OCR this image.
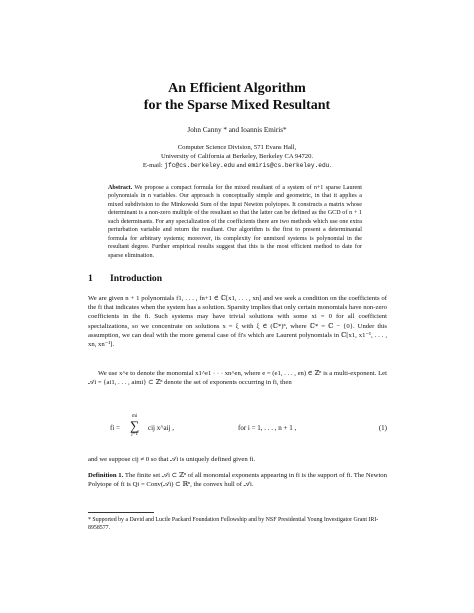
An Efficient Algorithm

for the Sparse Mixed Resultant

John Canny * and Ioannis Emiris*
Computer Science Division, 571 Evans Hall,
University of California at Berkeley, Berkeley CA 94720.
E-mail: jfc@cs.berkeley.edu and emiris@cs.berkeley.edu.
Abstract. We propose a compact formula for the mixed resultant of a system of n+1 sparse Laurent polynomials in n variables. Our approach is conceptually simple and geometric, in that it applies a mixed subdivision to the Minkowski Sum of the input Newton polytopes. It constructs a matrix whose determinant is a non-zero multiple of the resultant so that the latter can be defined as the GCD of n + 1 such determinants. For any specialization of the coefficients there are two methods which use one extra perturbation variable and return the resultant. Our algorithm is the first to present a determinantal formula for arbitrary systems; moreover, its complexity for unmixed systems is polynomial in the resultant degree. Further empirical results suggest that this is the most efficient method to date for sparse elimination.
1 Introduction
We are given n + 1 polynomials f1, . . . , fn+1 ∈ ℂ[x1, . . . , xn] and we seek a condition on the coefficients of the fi that indicates when the system has a solution. Sparsity implies that only certain monomials have non-zero coefficients in the fi. Such systems may have trivial solutions with some xi = 0 for all coefficient specializations, so we concentrate on solutions x = ξ with ξ ∈ (ℂ*)ⁿ, where ℂ* = ℂ − {0}. Under this assumption, we can deal with the more general case of fi's which are Laurent polynomials in ℂ[x1, x1⁻¹, . . . , xn, xn⁻¹].
We use x^e to denote the monomial x1^e1 · · · xn^en, where e = (e1, . . . , en) ∈ ℤⁿ is a multi-exponent. Let 𝒜i = {ai1, . . . , aimi} ⊂ ℤⁿ denote the set of exponents occurring in fi, then
fi =
mi
∑
j=1
cij x^aij ,	for i = 1, . . . , n + 1 ,	(1)
and we suppose cij ≠ 0 so that 𝒜i is uniquely defined given fi.
Definition 1. The finite set 𝒜i ⊂ ℤⁿ of all monomial exponents appearing in fi is the support of fi. The Newton Polytope of fi is Qi = Conv(𝒜i) ⊂ ℝⁿ, the convex hull of 𝒜i.
* Supported by a David and Lucile Packard Foundation Fellowship and by NSF Presidential Young Investigator Grant IRI-8958577.
